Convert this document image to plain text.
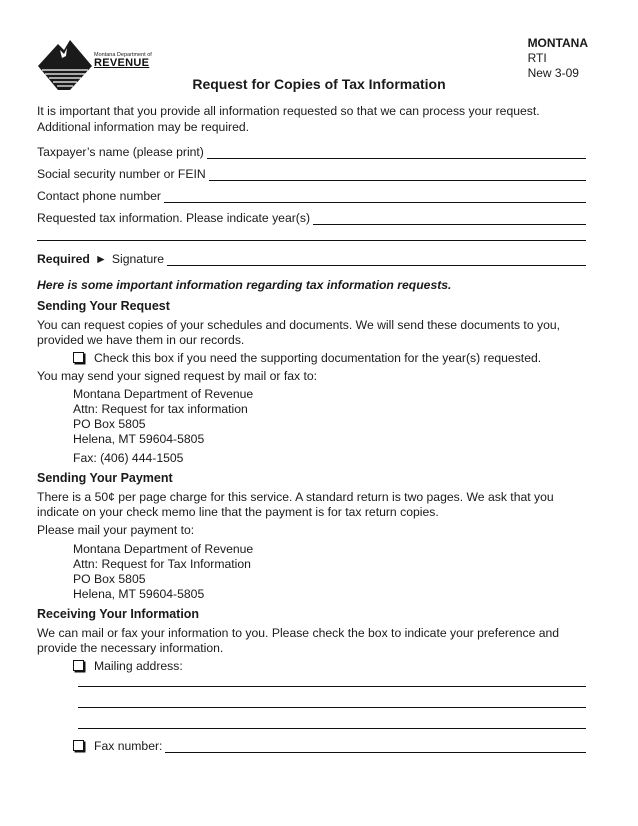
Montana Department of
REVENUE
MONTANA
RTI
New 3-09
Request for Copies of Tax Information
It is important that you provide all information requested so that we can process your request.
Additional information may be required.
Taxpayer’s name (please print)
Social security number or FEIN
Contact phone number
Requested tax information. Please indicate year(s)
Required ► Signature
Here is some important information regarding tax information requests.
Sending Your Request
You can request copies of your schedules and documents. We will send these documents to you,
provided we have them in our records.
Check this box if you need the supporting documentation for the year(s) requested.
You may send your signed request by mail or fax to:
Montana Department of Revenue
Attn: Request for tax information
PO Box 5805
Helena, MT 59604-5805
Fax: (406) 444-1505
Sending Your Payment
There is a 50¢ per page charge for this service. A standard return is two pages. We ask that you
indicate on your check memo line that the payment is for tax return copies.
Please mail your payment to:
Montana Department of Revenue
Attn: Request for Tax Information
PO Box 5805
Helena, MT 59604-5805
Receiving Your Information
We can mail or fax your information to you. Please check the box to indicate your preference and
provide the necessary information.
Mailing address:
Fax number:
